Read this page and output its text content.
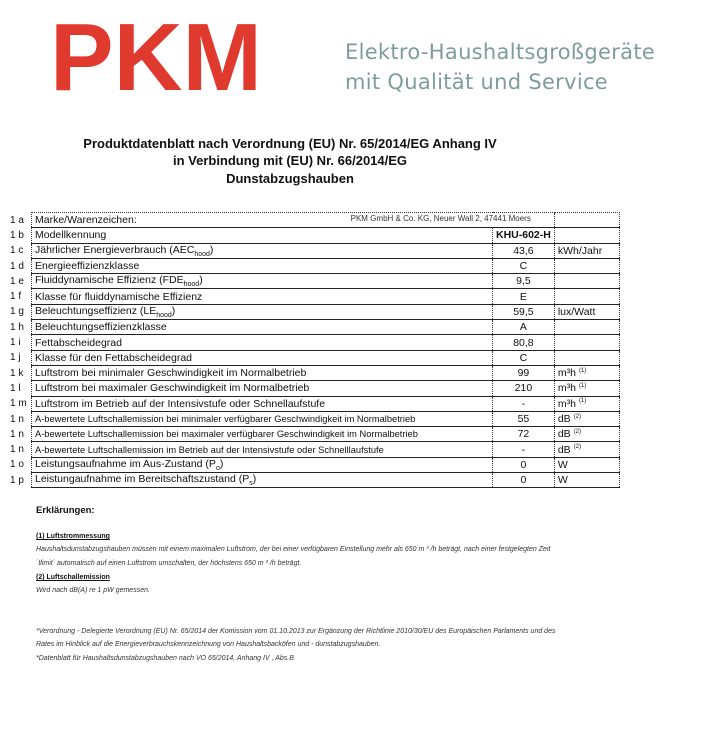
PKM	Elektro-Haushaltsgroßgeräte
mit Qualität und Service
Produktdatenblatt nach Verordnung (EU) Nr. 65/2014/EG Anhang IV
in Verbindung mit (EU) Nr. 66/2014/EG
Dunstabzugshauben
1 a	Marke/Warenzeichen: PKM GmbH & Co. KG, Neuer Wall 2, 47441 Moers		

1 b	Modellkennung	KHU-602-H	
1 c	Jährlicher Energieverbrauch $(AEC_{hood})$	43,6	kWh/Jahr
1 d	Energieeffizienzklasse	C	
1 e	Fluiddynamische Effizienz $(FDE_{hood})$	9,5	
1 f	Klasse für fluiddynamische Effizienz	E	
1 g	Beleuchtungseffizienz $(LE_{hood})$	59,5	lux/Watt
1 h	Beleuchtungseffizienzklasse	A	
1 i	Fettabscheidegrad	80,8	
1 j	Klasse für den Fettabscheidegrad	C	
1 k	Luftstrom bei minimaler Geschwindigkeit im Normalbetrieb	99	m³h $^{(1)}$
1 l	Luftstrom bei maximaler Geschwindigkeit im Normalbetrieb	210	m³h $^{(1)}$
1 m	Luftstrom im Betrieb auf der Intensivstufe oder Schnellaufstufe	-	m³h $^{(1)}$
1 n	A-bewertete Luftschallemission bei minimaler verfügbarer Geschwindigkeit im Normalbetrieb	55	dB $^{(2)}$
1 n	A-bewertete Luftschallemission bei maximaler verfügbarer Geschwindigkeit im Normalbetrieb	72	dB $^{(2)}$
1 n	A-bewertete Luftschallemission im Betrieb auf der Intensivstufe oder Schnelllaufstufe	-	dB $^{(2)}$
1 o	Leistungsaufnahme im Aus-Zustand $(P_o)$	0	W
1 p	Leistungaufnahme im Bereitschaftszustand $(P_s)$	0	W
Erklärungen:
(1) Luftstrommessung
Haushaltsdunstabzugshauben müssen mit einem maximalen Luftstrom, der bei einer verfügbaren Einstellung mehr als 650 m ³ /h beträgt, nach einer festgelegten Zeit
´tlimit´ automatisch auf einen Luftstrom umschalten, der höchstens 650 m ³ /h beträgt.
(2) Luftschallemission
Wird nach dB(A) re 1 pW gemessen.
*Verordnung - Delegierte Verordnung (EU) Nr. 65/2014 der Komission vom 01.10.2013 zur Ergänzung der Richtlinie 2010/30/EU des Europäischen Parlaments und des
Rates im Hinblick auf die Energieverbrauchskennzeichnung von Haushaltsbacköfen und - dunstabzugshauben.
*Datenblatt für Haushaltsdunstabzugshauben nach VO 65/2014, Anhang IV , Abs.B
